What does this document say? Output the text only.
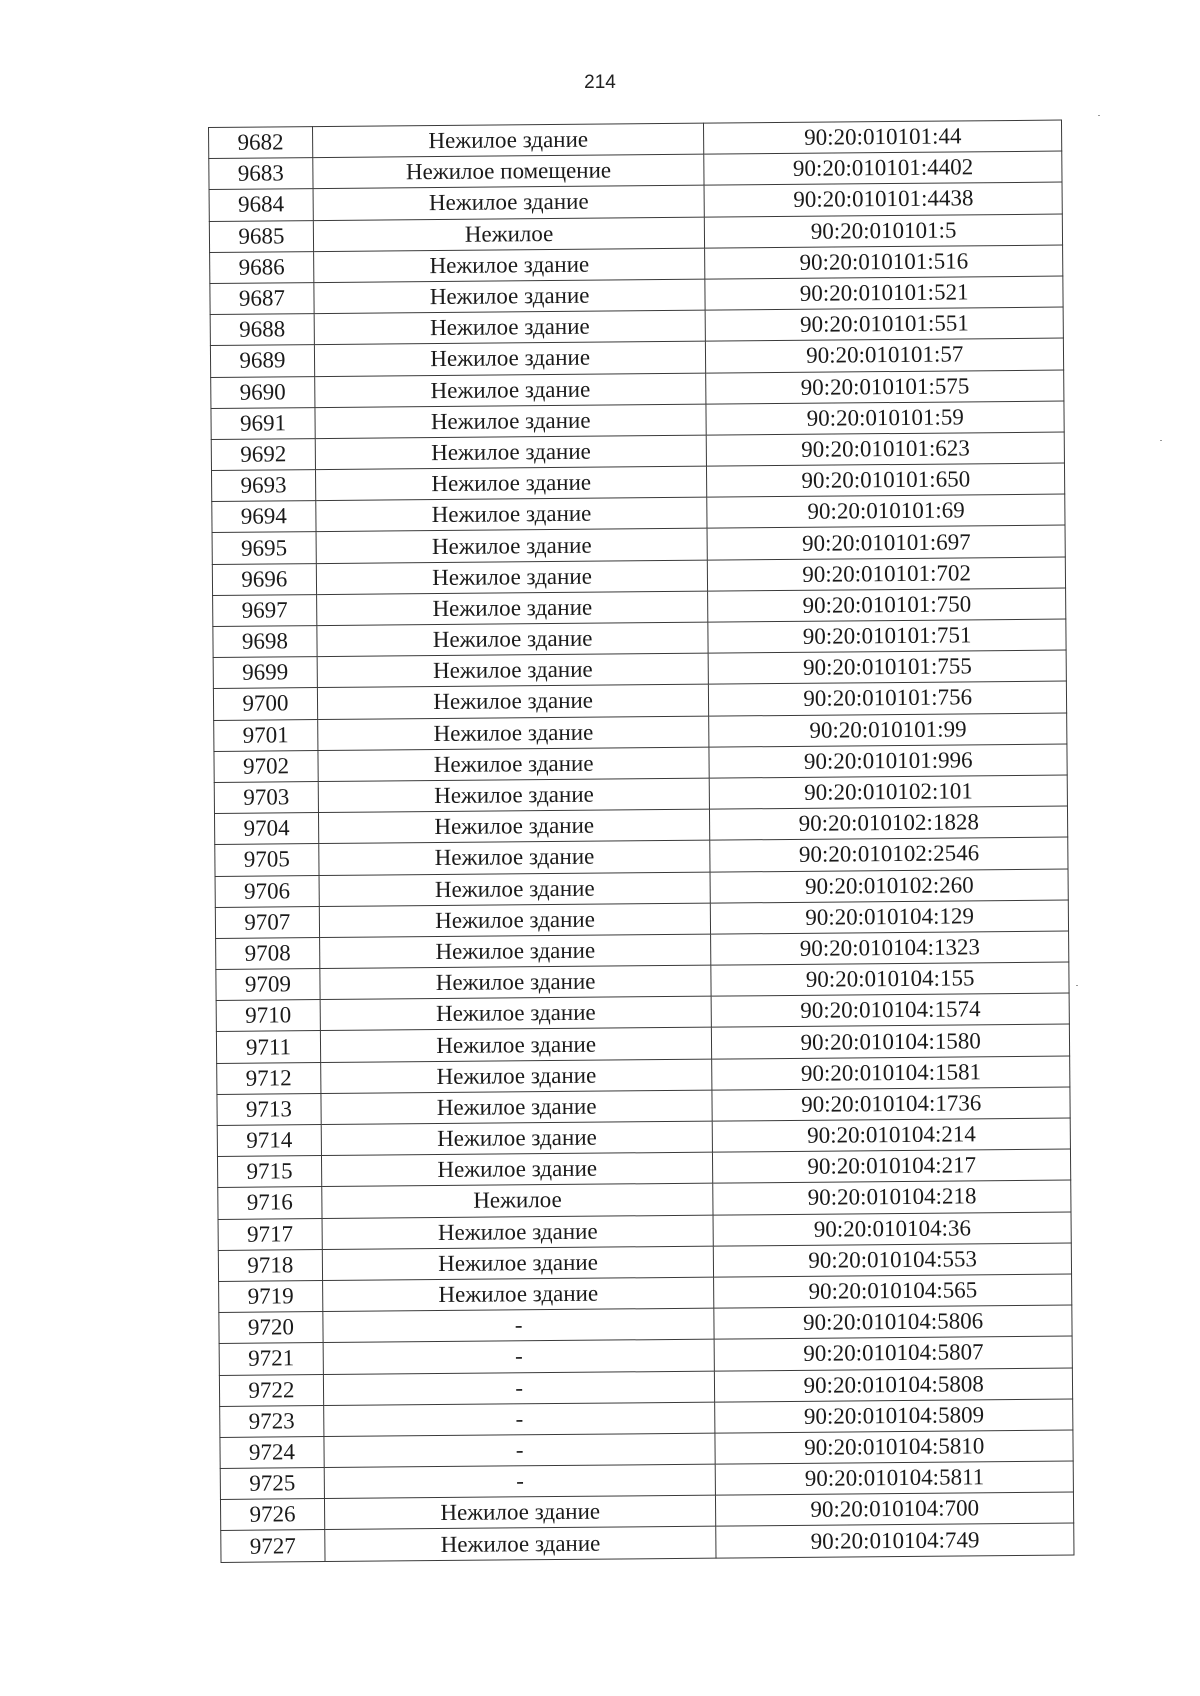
214
9682	Нежилое здание	90:20:010101:44
9683	Нежилое помещение	90:20:010101:4402
9684	Нежилое здание	90:20:010101:4438
9685	Нежилое	90:20:010101:5
9686	Нежилое здание	90:20:010101:516
9687	Нежилое здание	90:20:010101:521
9688	Нежилое здание	90:20:010101:551
9689	Нежилое здание	90:20:010101:57
9690	Нежилое здание	90:20:010101:575
9691	Нежилое здание	90:20:010101:59
9692	Нежилое здание	90:20:010101:623
9693	Нежилое здание	90:20:010101:650
9694	Нежилое здание	90:20:010101:69
9695	Нежилое здание	90:20:010101:697
9696	Нежилое здание	90:20:010101:702
9697	Нежилое здание	90:20:010101:750
9698	Нежилое здание	90:20:010101:751
9699	Нежилое здание	90:20:010101:755
9700	Нежилое здание	90:20:010101:756
9701	Нежилое здание	90:20:010101:99
9702	Нежилое здание	90:20:010101:996
9703	Нежилое здание	90:20:010102:101
9704	Нежилое здание	90:20:010102:1828
9705	Нежилое здание	90:20:010102:2546
9706	Нежилое здание	90:20:010102:260
9707	Нежилое здание	90:20:010104:129
9708	Нежилое здание	90:20:010104:1323
9709	Нежилое здание	90:20:010104:155
9710	Нежилое здание	90:20:010104:1574
9711	Нежилое здание	90:20:010104:1580
9712	Нежилое здание	90:20:010104:1581
9713	Нежилое здание	90:20:010104:1736
9714	Нежилое здание	90:20:010104:214
9715	Нежилое здание	90:20:010104:217
9716	Нежилое	90:20:010104:218
9717	Нежилое здание	90:20:010104:36
9718	Нежилое здание	90:20:010104:553
9719	Нежилое здание	90:20:010104:565
9720	-	90:20:010104:5806
9721	-	90:20:010104:5807
9722	-	90:20:010104:5808
9723	-	90:20:010104:5809
9724	-	90:20:010104:5810
9725	-	90:20:010104:5811
9726	Нежилое здание	90:20:010104:700
9727	Нежилое здание	90:20:010104:749
